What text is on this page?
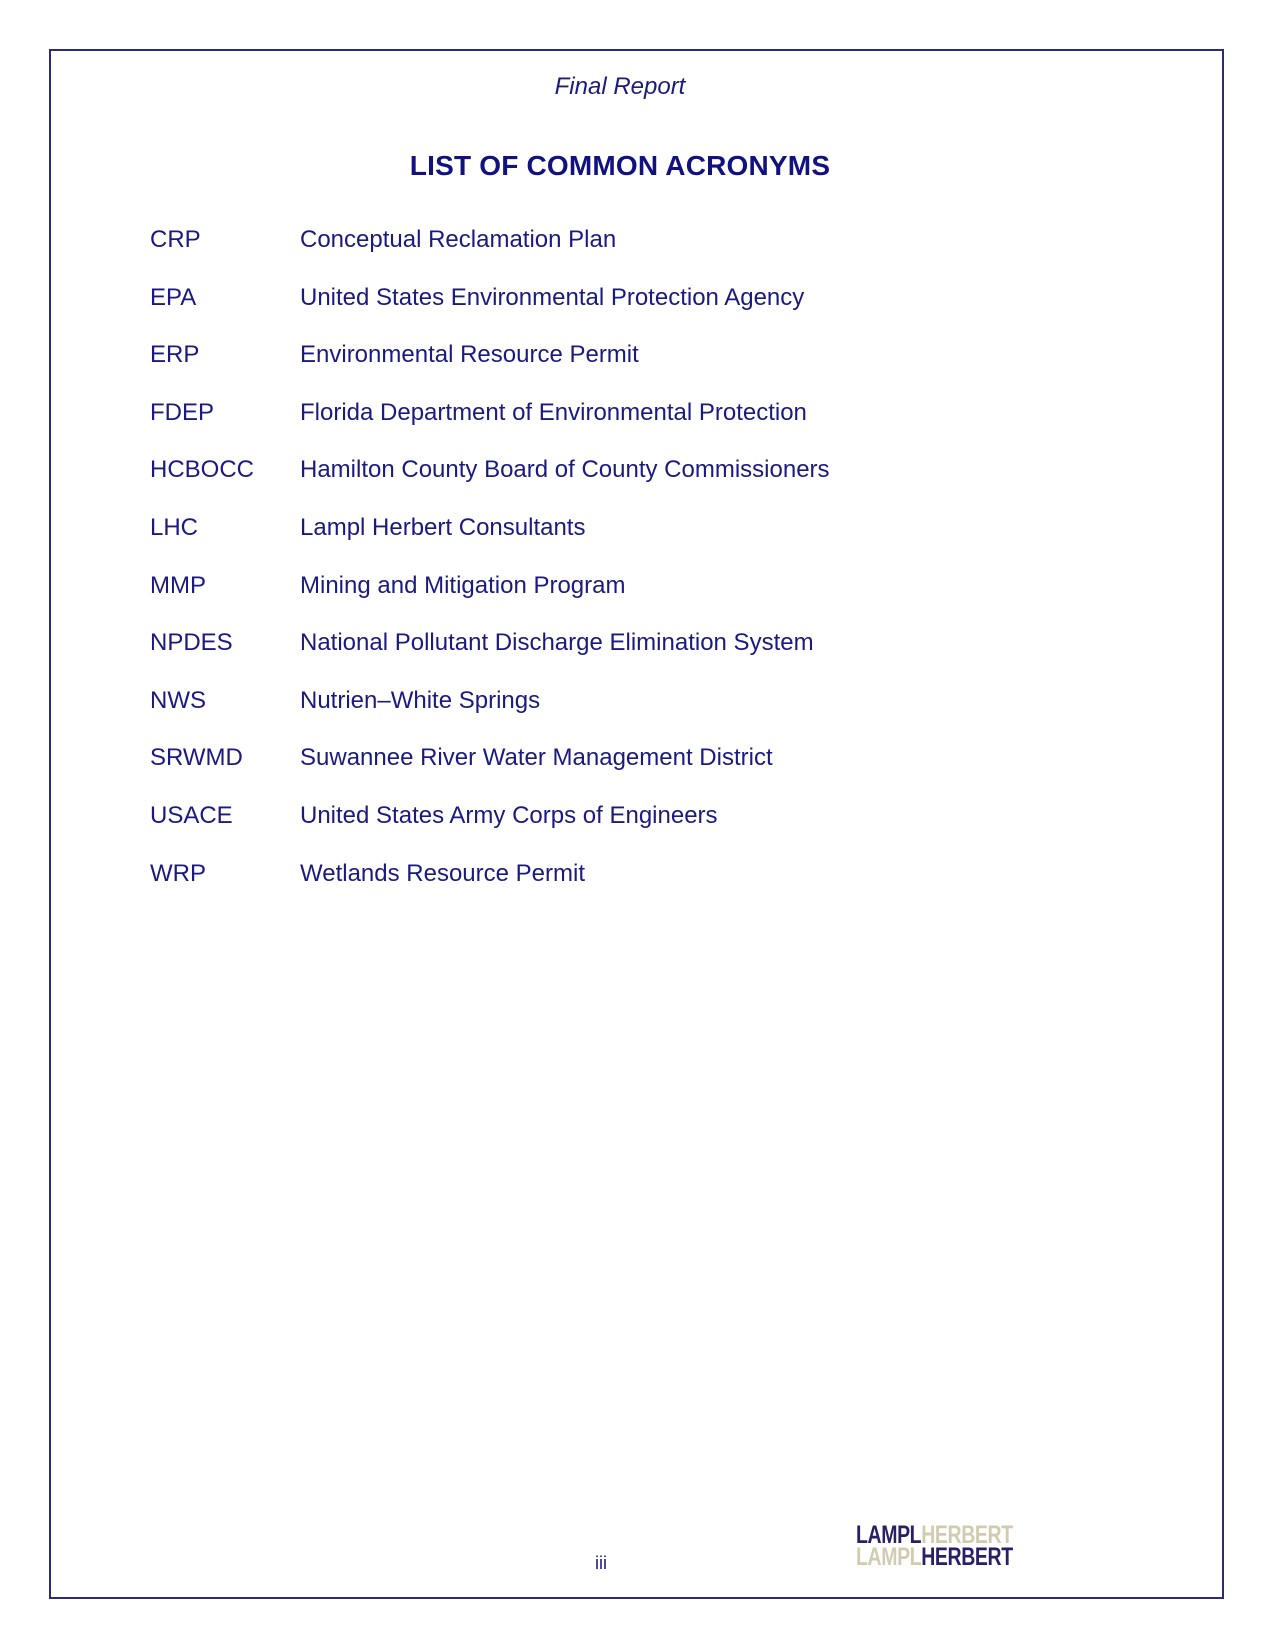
Final Report
LIST OF COMMON ACRONYMS
CRP	Conceptual Reclamation Plan
EPA	United States Environmental Protection Agency
ERP	Environmental Resource Permit
FDEP	Florida Department of Environmental Protection
HCBOCC	Hamilton County Board of County Commissioners
LHC	Lampl Herbert Consultants
MMP	Mining and Mitigation Program
NPDES	National Pollutant Discharge Elimination System
NWS	Nutrien–White Springs
SRWMD	Suwannee River Water Management District
USACE	United States Army Corps of Engineers
WRP	Wetlands Resource Permit
iii
LAMPLHERBERT
LAMPLHERBERT
